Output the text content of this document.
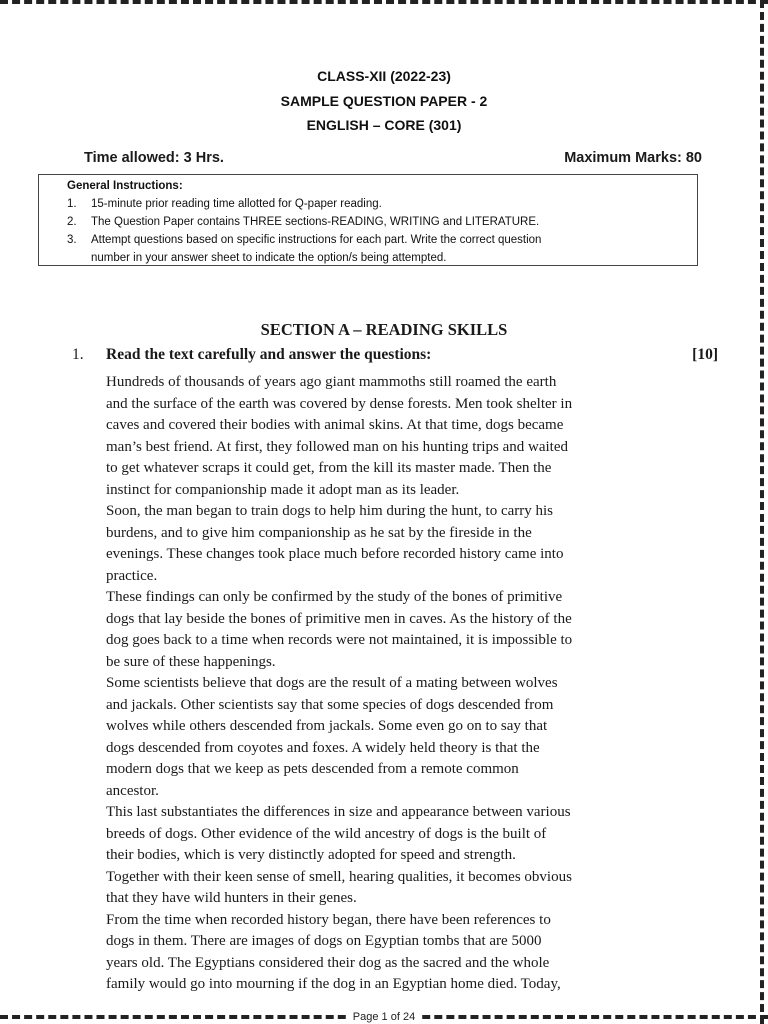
CLASS-XII (2022-23)
SAMPLE QUESTION PAPER - 2
ENGLISH – CORE (301)
Time allowed: 3 Hrs.	Maximum Marks: 80
General Instructions:
1. 15-minute prior reading time allotted for Q-paper reading.
2. The Question Paper contains THREE sections-READING, WRITING and LITERATURE.
3. Attempt questions based on specific instructions for each part. Write the correct question
number in your answer sheet to indicate the option/s being attempted.
SECTION A – READING SKILLS
1. Read the text carefully and answer the questions:	[10]
Hundreds of thousands of years ago giant mammoths still roamed the earth
and the surface of the earth was covered by dense forests. Men took shelter in
caves and covered their bodies with animal skins. At that time, dogs became
man’s best friend. At first, they followed man on his hunting trips and waited
to get whatever scraps it could get, from the kill its master made. Then the
instinct for companionship made it adopt man as its leader.
Soon, the man began to train dogs to help him during the hunt, to carry his
burdens, and to give him companionship as he sat by the fireside in the
evenings. These changes took place much before recorded history came into
practice.
These findings can only be confirmed by the study of the bones of primitive
dogs that lay beside the bones of primitive men in caves. As the history of the
dog goes back to a time when records were not maintained, it is impossible to
be sure of these happenings.
Some scientists believe that dogs are the result of a mating between wolves
and jackals. Other scientists say that some species of dogs descended from
wolves while others descended from jackals. Some even go on to say that
dogs descended from coyotes and foxes. A widely held theory is that the
modern dogs that we keep as pets descended from a remote common
ancestor.
This last substantiates the differences in size and appearance between various
breeds of dogs. Other evidence of the wild ancestry of dogs is the built of
their bodies, which is very distinctly adopted for speed and strength.
Together with their keen sense of smell, hearing qualities, it becomes obvious
that they have wild hunters in their genes.
From the time when recorded history began, there have been references to
dogs in them. There are images of dogs on Egyptian tombs that are 5000
years old. The Egyptians considered their dog as the sacred and the whole
family would go into mourning if the dog in an Egyptian home died. Today,
Page 1 of 24
